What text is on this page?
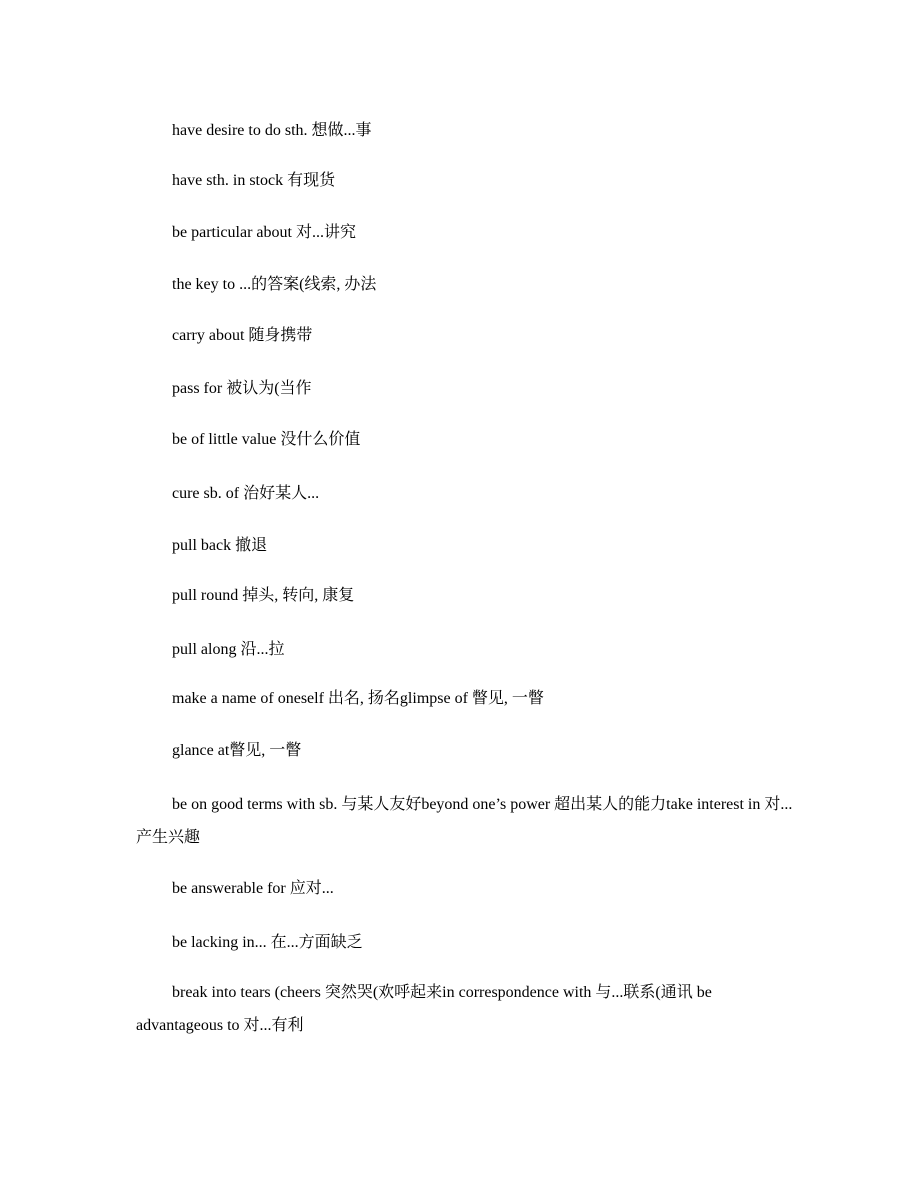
have desire to do sth. 想做...事
have sth. in stock 有现货
be particular about 对...讲究
the key to ...的答案(线索, 办法
carry about 随身携带
pass for 被认为(当作
be of little value 没什么价值
cure sb. of 治好某人...
pull back 撤退
pull round 掉头, 转向, 康复
pull along 沿...拉
make a name of oneself 出名, 扬名glimpse of 瞥见, 一瞥
glance at瞥见, 一瞥
be on good terms with sb. 与某人友好beyond one’s power 超出某人的能力take interest in 对...产生兴趣
be answerable for 应对...
be lacking in... 在...方面缺乏
break into tears (cheers 突然哭(欢呼起来in correspondence with 与...联系(通讯 be advantageous to 对...有利
